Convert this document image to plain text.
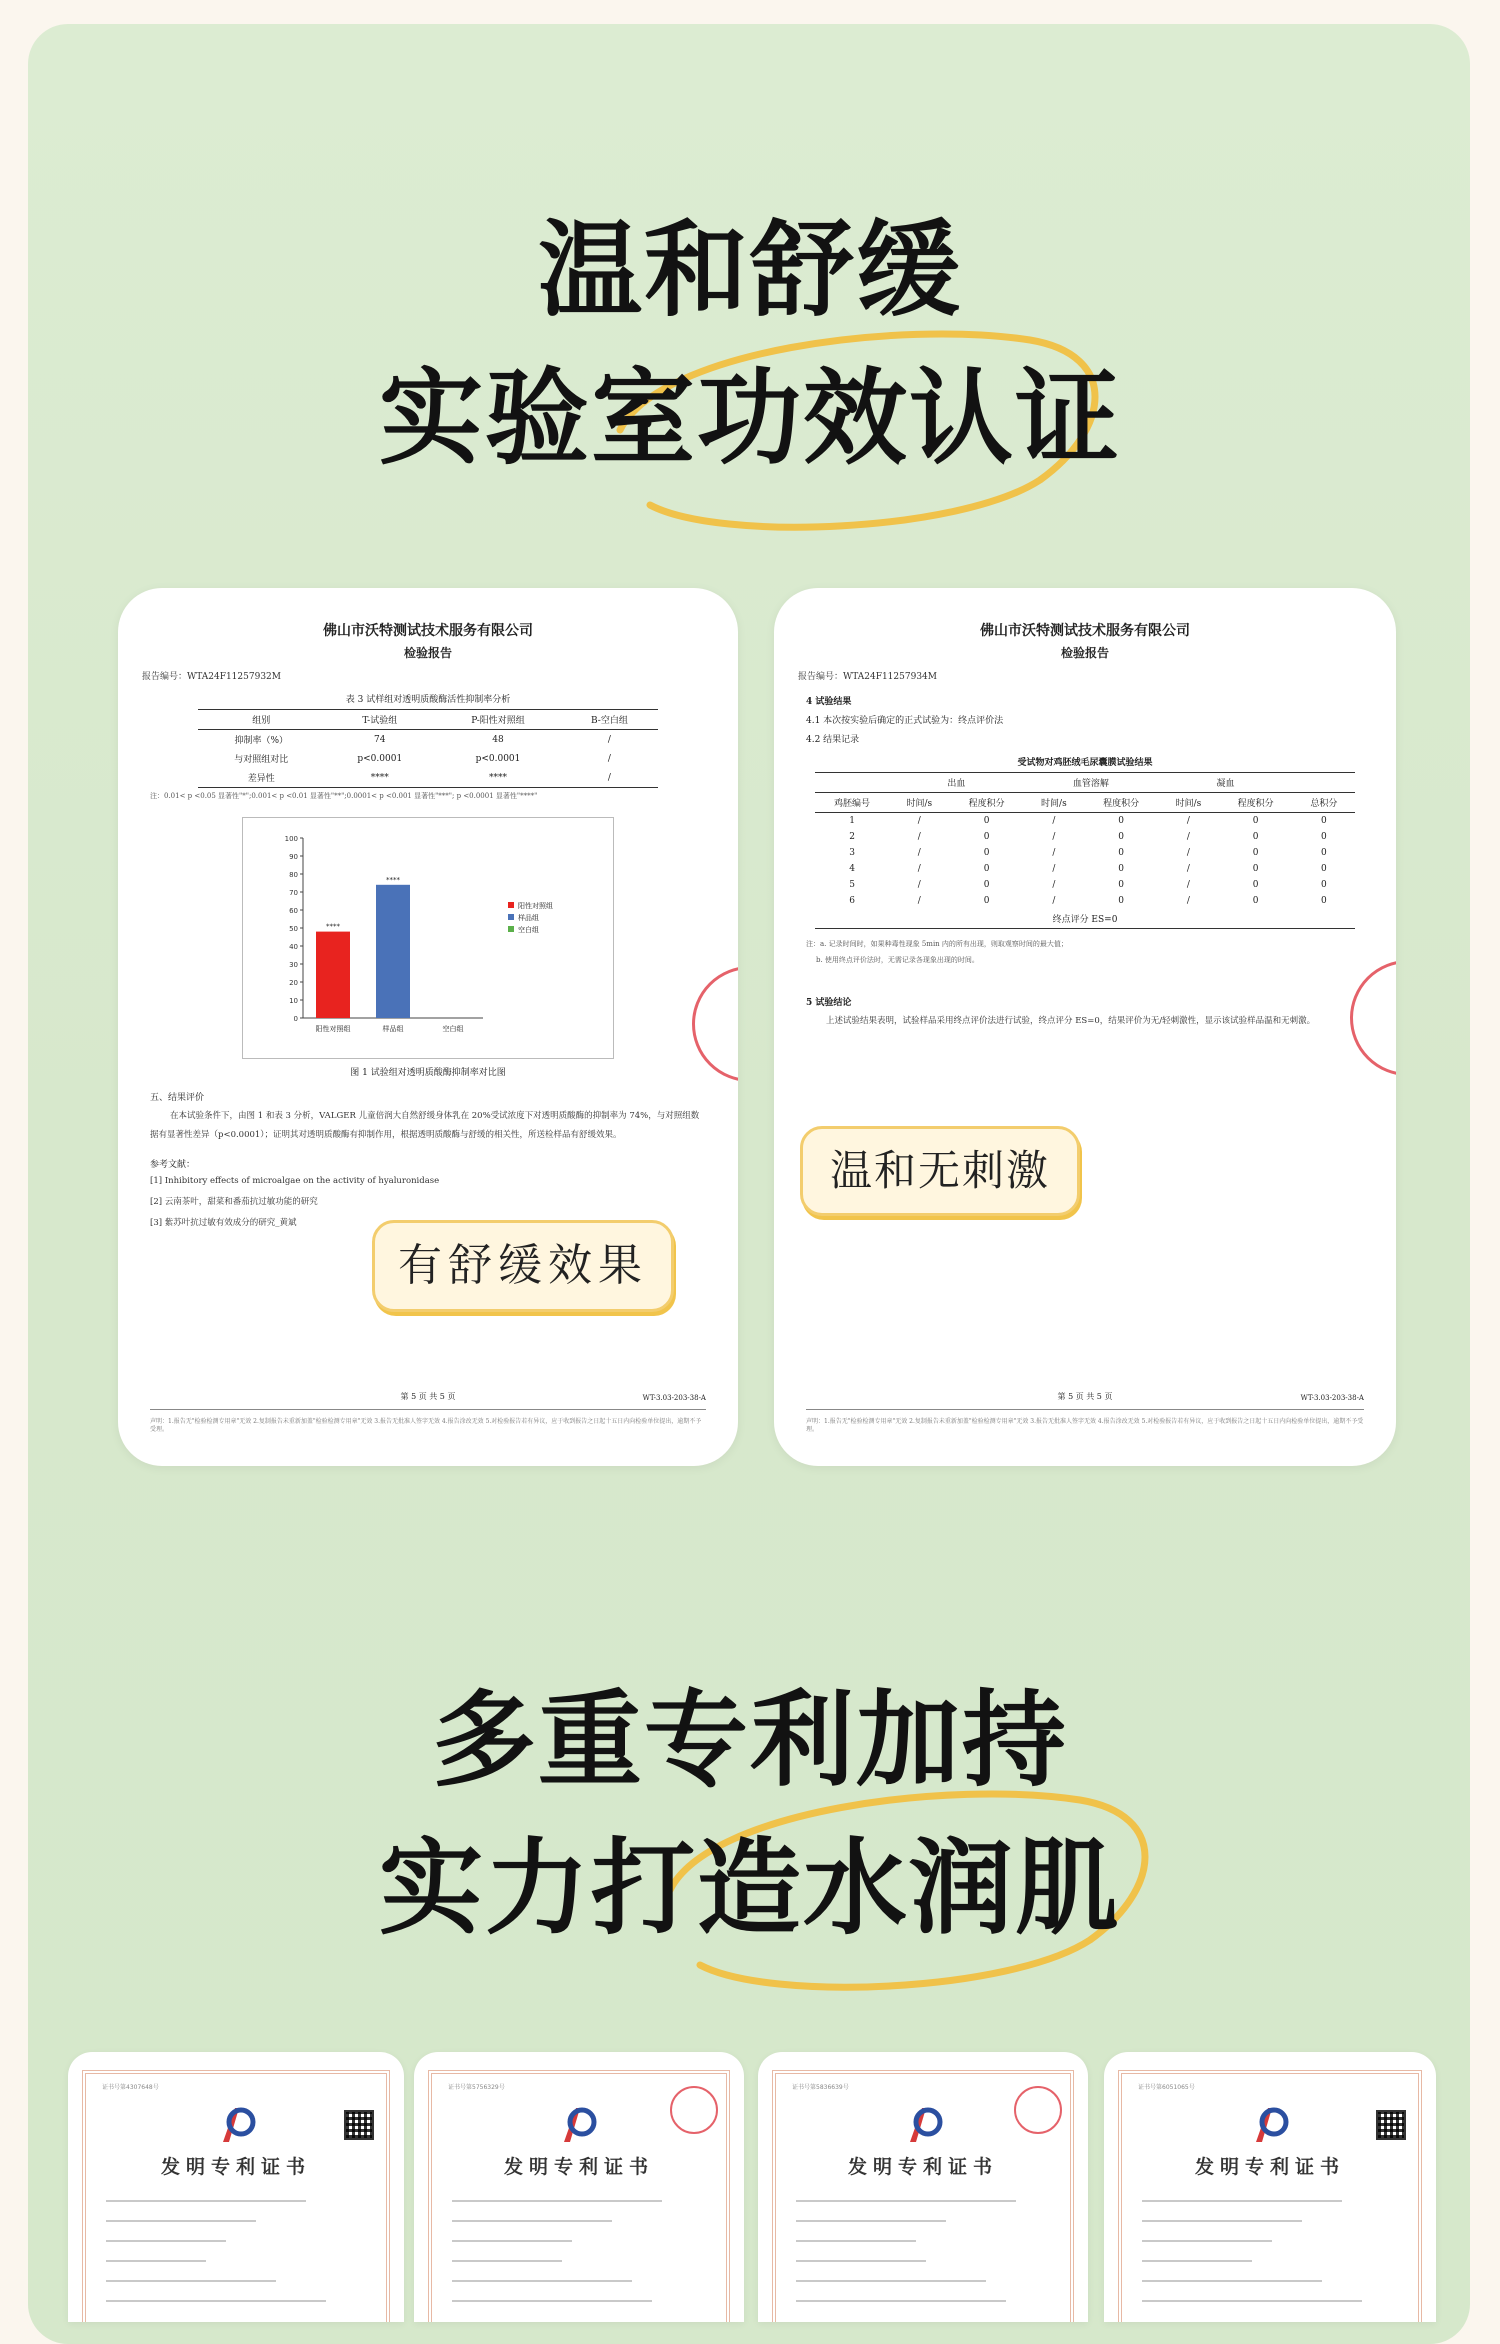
温和舒缓
实验室功效认证
佛山市沃特测试技术服务有限公司
检验报告
报告编号：WTA24F11257932M
表 3 试样组对透明质酸酶活性抑制率分析
组别	T-试验组	P-阳性对照组	B-空白组
抑制率（%）	74	48	/
与对照组对比	p<0.0001	p<0.0001	/
差异性	****	****	/
注：0.01< p <0.05 显著性"*";0.001< p <0.01 显著性"**";0.0001< p <0.001 显著性"***"; p <0.0001 显著性"****"
0
10
20
30
40
50
60
70
80
90
100
****
阳性对照组
****
样品组	空白组
阳性对照组
样品组
空白组
图 1 试验组对透明质酸酶抑制率对比图
五、结果评价
在本试验条件下，由图 1 和表 3 分析，VALGER 儿童倍润大自然舒缓身体乳在 20%受试浓度下对透明质酸酶的抑制率为 74%，与对照组数据有显著性差异（p<0.0001）；证明其对透明质酸酶有抑制作用，根据透明质酸酶与舒缓的相关性，所送检样品有舒缓效果。
参考文献：
[1] Inhibitory effects of microalgae on the activity of hyaluronidase
[2] 云南茶叶，甜菜和番茄抗过敏功能的研究
[3] 紫苏叶抗过敏有效成分的研究_黄斌
第 5 页 共 5 页	WT-3.03-203-38-A
声明：1.报告无"检验检测专用章"无效 2.复制报告未重新加盖"检验检测专用章"无效 3.报告无批准人签字无效 4.报告涂改无效 5.对检验报告若有异议，应于收到报告之日起十五日内向检验单位提出，逾期不予受理。
佛山市沃特测试技术服务有限公司
检验报告
报告编号：WTA24F11257934M
4 试验结果
4.1 本次按实验后确定的正式试验为：终点评价法
4.2 结果记录
受试物对鸡胚绒毛尿囊膜试验结果
	出血		血管溶解		凝血		
鸡胚编号	时间/s	程度积分	时间/s	程度积分	时间/s	程度积分	总积分
1	/	0	/	0	/	0	0
2	/	0	/	0	/	0	0
3	/	0	/	0	/	0	0
4	/	0	/	0	/	0	0
5	/	0	/	0	/	0	0
6	/	0	/	0	/	0	0
终点评分 ES=0							
注：a. 记录时间时，如果种毒性现象 5min 内的所有出现，则取观察时间的最大值；
b. 使用终点评价法时，无需记录各现象出现的时间。
5 试验结论
上述试验结果表明，试验样品采用终点评价法进行试验，终点评分 ES=0，结果评价为无/轻刺激性，显示该试验样品温和无刺激。
第 5 页 共 5 页	WT-3.03-203-38-A
声明：1.报告无"检验检测专用章"无效 2.复制报告未重新加盖"检验检测专用章"无效 3.报告无批准人签字无效 4.报告涂改无效 5.对检验报告若有异议，应于收到报告之日起十五日内向检验单位提出，逾期不予受理。
有舒缓效果
温和无刺激
多重专利加持
实力打造水润肌
证书号第4307648号
发明专利证书
证书号第5756329号
发明专利证书
证书号第5836639号
发明专利证书
证书号第6051065号
发明专利证书
